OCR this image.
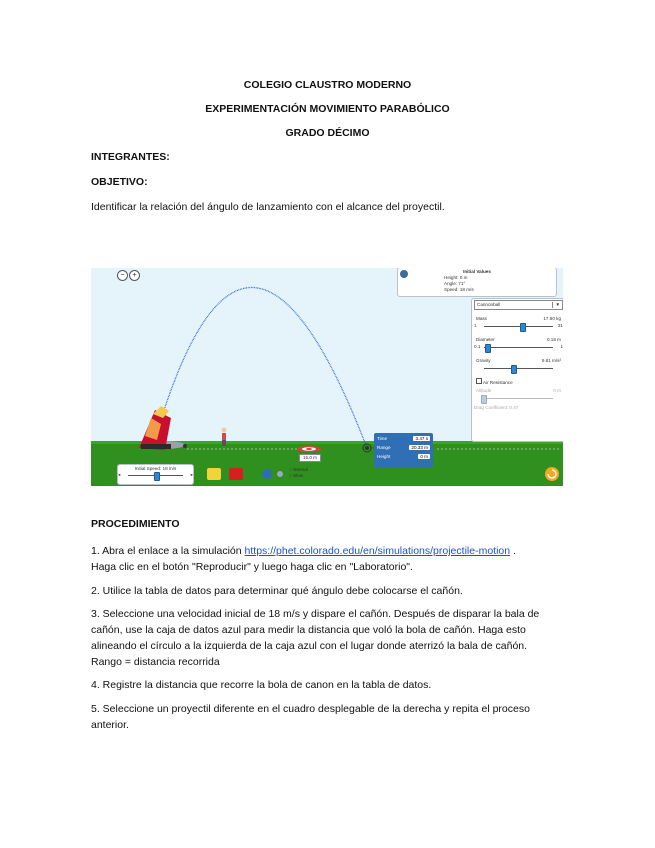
COLEGIO CLAUSTRO MODERNO
EXPERIMENTACIÓN MOVIMIENTO PARABÓLICO
GRADO DÉCIMO
INTEGRANTES:
OBJETIVO:
Identificar la relación del ángulo de lanzamiento con el alcance del proyectil.
−	+
Initial Values
Height: 0 m
Angle: 71°
Speed: 18 m/s
Cannonball	▼
Mass	17.60 kg
1	31
Diameter	0.18 m
0.1	1
Gravity	9.81 m/s²
Air Resistance
Altitude	0 m
Drag Coefficient: 0.47
Time	3.47 s
Range	20.33 m
Height	0 m
15.0 m
Initial Speed: 18 m/s
◂	▸
○ Normal
○ Slow
PROCEDIMIENTO
1. Abra el enlace a la simulación https://phet.colorado.edu/en/simulations/projectile-motion .
Haga clic en el botón "Reproducir" y luego haga clic en "Laboratorio".
2. Utilice la tabla de datos para determinar qué ángulo debe colocarse el cañón.
3. Seleccione una velocidad inicial de 18 m/s y dispare el cañón. Después de disparar la bala de
cañón, use la caja de datos azul para medir la distancia que voló la bola de cañón. Haga esto
alineando el círculo a la izquierda de la caja azul con el lugar donde aterrizó la bala de cañón.
Rango = distancia recorrida
4. Registre la distancia que recorre la bola de canon en la tabla de datos.
5. Seleccione un proyectil diferente en el cuadro desplegable de la derecha y repita el proceso
anterior.
